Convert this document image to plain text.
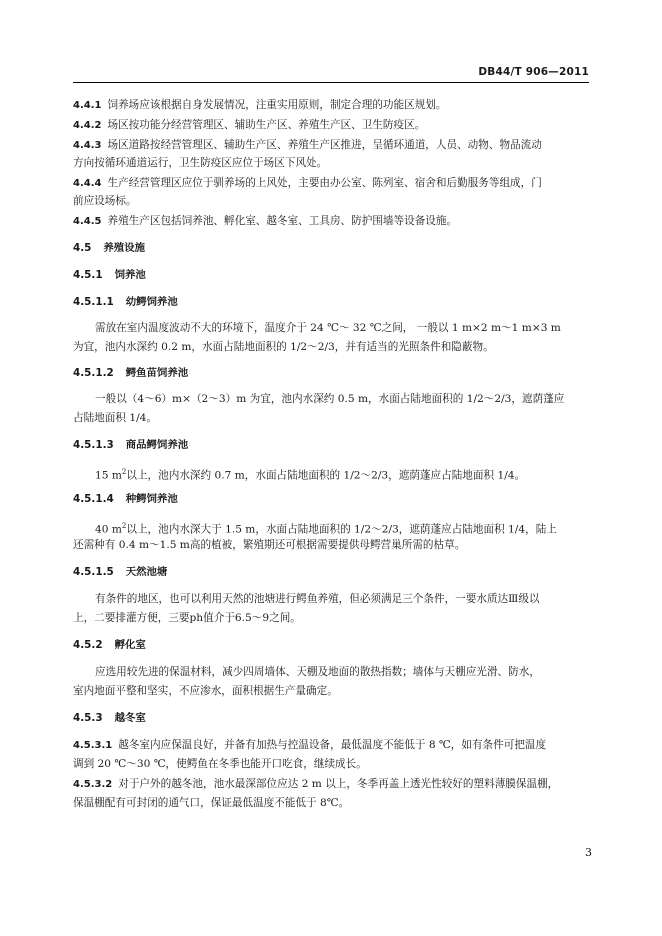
DB44/T 906—2011
4.4.1 饲养场应该根据自身发展情况，注重实用原则，制定合理的功能区规划。
4.4.2 场区按功能分经营管理区、辅助生产区、养殖生产区、卫生防疫区。
4.4.3 场区道路按经营管理区、辅助生产区、养殖生产区推进，呈循环通道，人员、动物、物品流动
方向按循环通道运行，卫生防疫区应位于场区下风处。
4.4.4 生产经营管理区应位于驯养场的上风处，主要由办公室、陈列室、宿舍和后勤服务等组成，门
前应设场标。
4.4.5 养殖生产区包括饲养池、孵化室、越冬室、工具房、防护围墙等设备设施。
4.5 养殖设施
4.5.1 饲养池
4.5.1.1 幼鳄饲养池
需放在室内温度波动不大的环境下，温度介于 24 ℃～ 32 ℃之间， 一般以 1 m×2 m～1 m×3 m
为宜，池内水深约 0.2 m，水面占陆地面积的 1/2～2/3，并有适当的光照条件和隐蔽物。
4.5.1.2 鳄鱼苗饲养池
一般以（4～6）m×（2～3）m 为宜，池内水深约 0.5 m，水面占陆地面积的 1/2～2/3，遮荫蓬应
占陆地面积 1/4。
4.5.1.3 商品鳄饲养池
15 $m^2$以上，池内水深约 0.7 m，水面占陆地面积的 1/2～2/3，遮荫蓬应占陆地面积 1/4。
4.5.1.4 种鳄饲养池
40 $m^2$以上，池内水深大于 1.5 m，水面占陆地面积的 1/2～2/3，遮荫蓬应占陆地面积 1/4，陆上
还需种有 0.4 m～1.5 m高的植被，繁殖期还可根据需要提供母鳄营巢所需的枯草。
4.5.1.5 天然池塘
有条件的地区，也可以利用天然的池塘进行鳄鱼养殖，但必须满足三个条件，一要水质达Ⅲ级以
上，二要排灌方便，三要ph值介于6.5～9之间。
4.5.2 孵化室
应选用较先进的保温材料，减少四周墙体、天棚及地面的散热指数；墙体与天棚应光滑、防水，
室内地面平整和坚实，不应渗水，面积根据生产量确定。
4.5.3 越冬室
4.5.3.1 越冬室内应保温良好，并备有加热与控温设备，最低温度不能低于 8 ℃，如有条件可把温度
调到 20 ℃～30 ℃，使鳄鱼在冬季也能开口吃食，继续成长。
4.5.3.2 对于户外的越冬池，池水最深部位应达 2 m 以上，冬季再盖上透光性较好的塑料薄膜保温棚，
保温棚配有可封闭的通气口，保证最低温度不能低于 8℃。
3
